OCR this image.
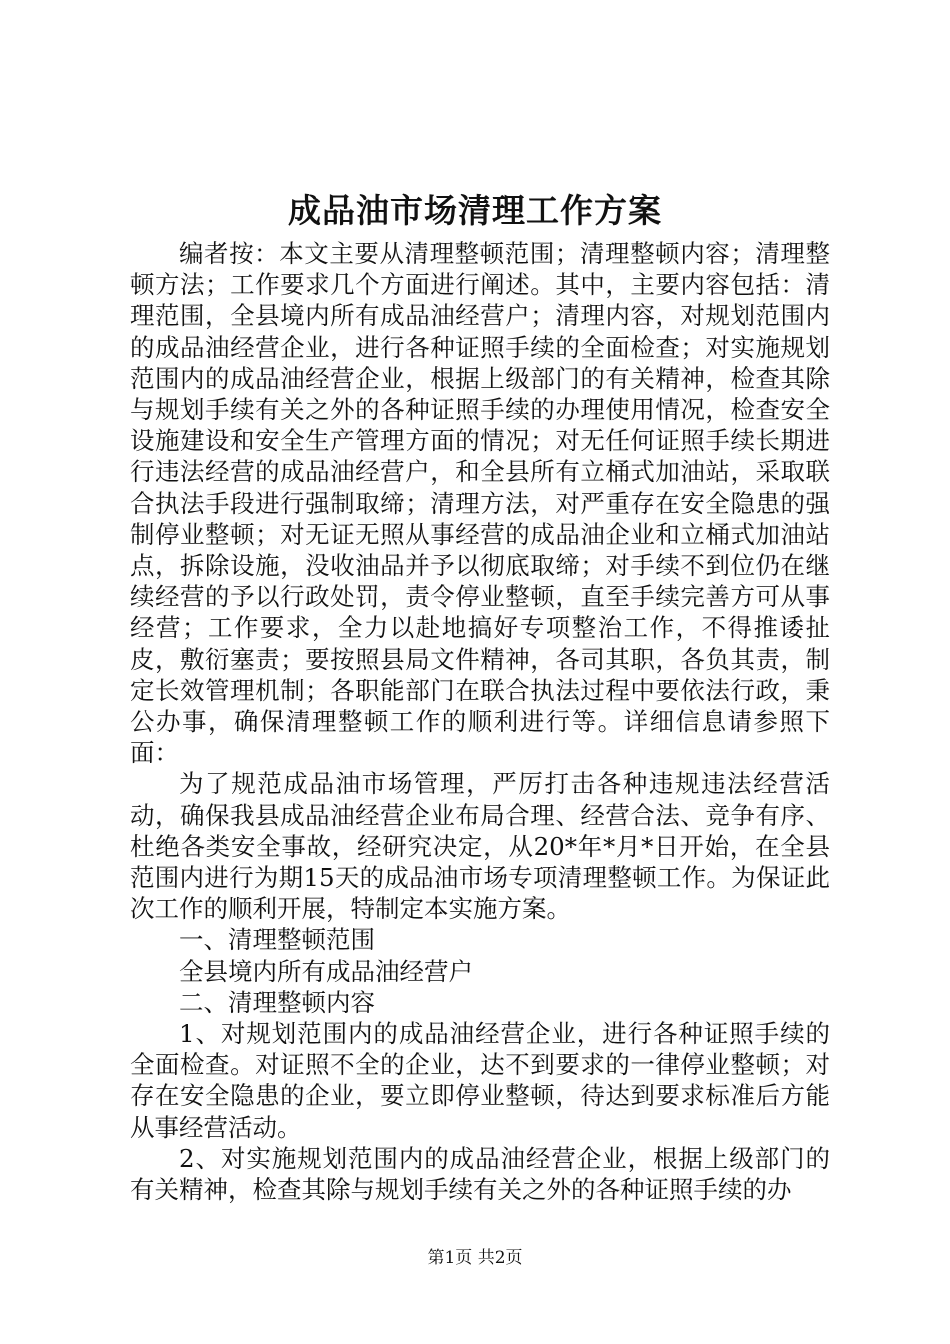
成品油市场清理工作方案

编者按：本文主要从清理整顿范围；清理整顿内容；清理整顿方法；工作要求几个方面进行阐述。其中，主要内容包括：清理范围，全县境内所有成品油经营户；清理内容，对规划范围内的成品油经营企业，进行各种证照手续的全面检查；对实施规划范围内的成品油经营企业，根据上级部门的有关精神，检查其除与规划手续有关之外的各种证照手续的办理使用情况，检查安全设施建设和安全生产管理方面的情况；对无任何证照手续长期进行违法经营的成品油经营户，和全县所有立桶式加油站，采取联合执法手段进行强制取缔；清理方法，对严重存在安全隐患的强制停业整顿；对无证无照从事经营的成品油企业和立桶式加油站点，拆除设施，没收油品并予以彻底取缔；对手续不到位仍在继续经营的予以行政处罚，责令停业整顿，直至手续完善方可从事经营；工作要求，全力以赴地搞好专项整治工作，不得推诿扯皮，敷衍塞责；要按照县局文件精神，各司其职，各负其责，制定长效管理机制；各职能部门在联合执法过程中要依法行政，秉公办事，确保清理整顿工作的顺利进行等。详细信息请参照下面：

为了规范成品油市场管理，严厉打击各种违规违法经营活动，确保我县成品油经营企业布局合理、经营合法、竞争有序、杜绝各类安全事故，经研究决定，从20*年*月*日开始，在全县范围内进行为期15天的成品油市场专项清理整顿工作。为保证此次工作的顺利开展，特制定本实施方案。

一、清理整顿范围

全县境内所有成品油经营户

二、清理整顿内容

1、对规划范围内的成品油经营企业，进行各种证照手续的全面检查。对证照不全的企业，达不到要求的一律停业整顿；对存在安全隐患的企业，要立即停业整顿，待达到要求标准后方能从事经营活动。

2、对实施规划范围内的成品油经营企业，根据上级部门的有关精神，检查其除与规划手续有关之外的各种证照手续的办

第1页 共2页
